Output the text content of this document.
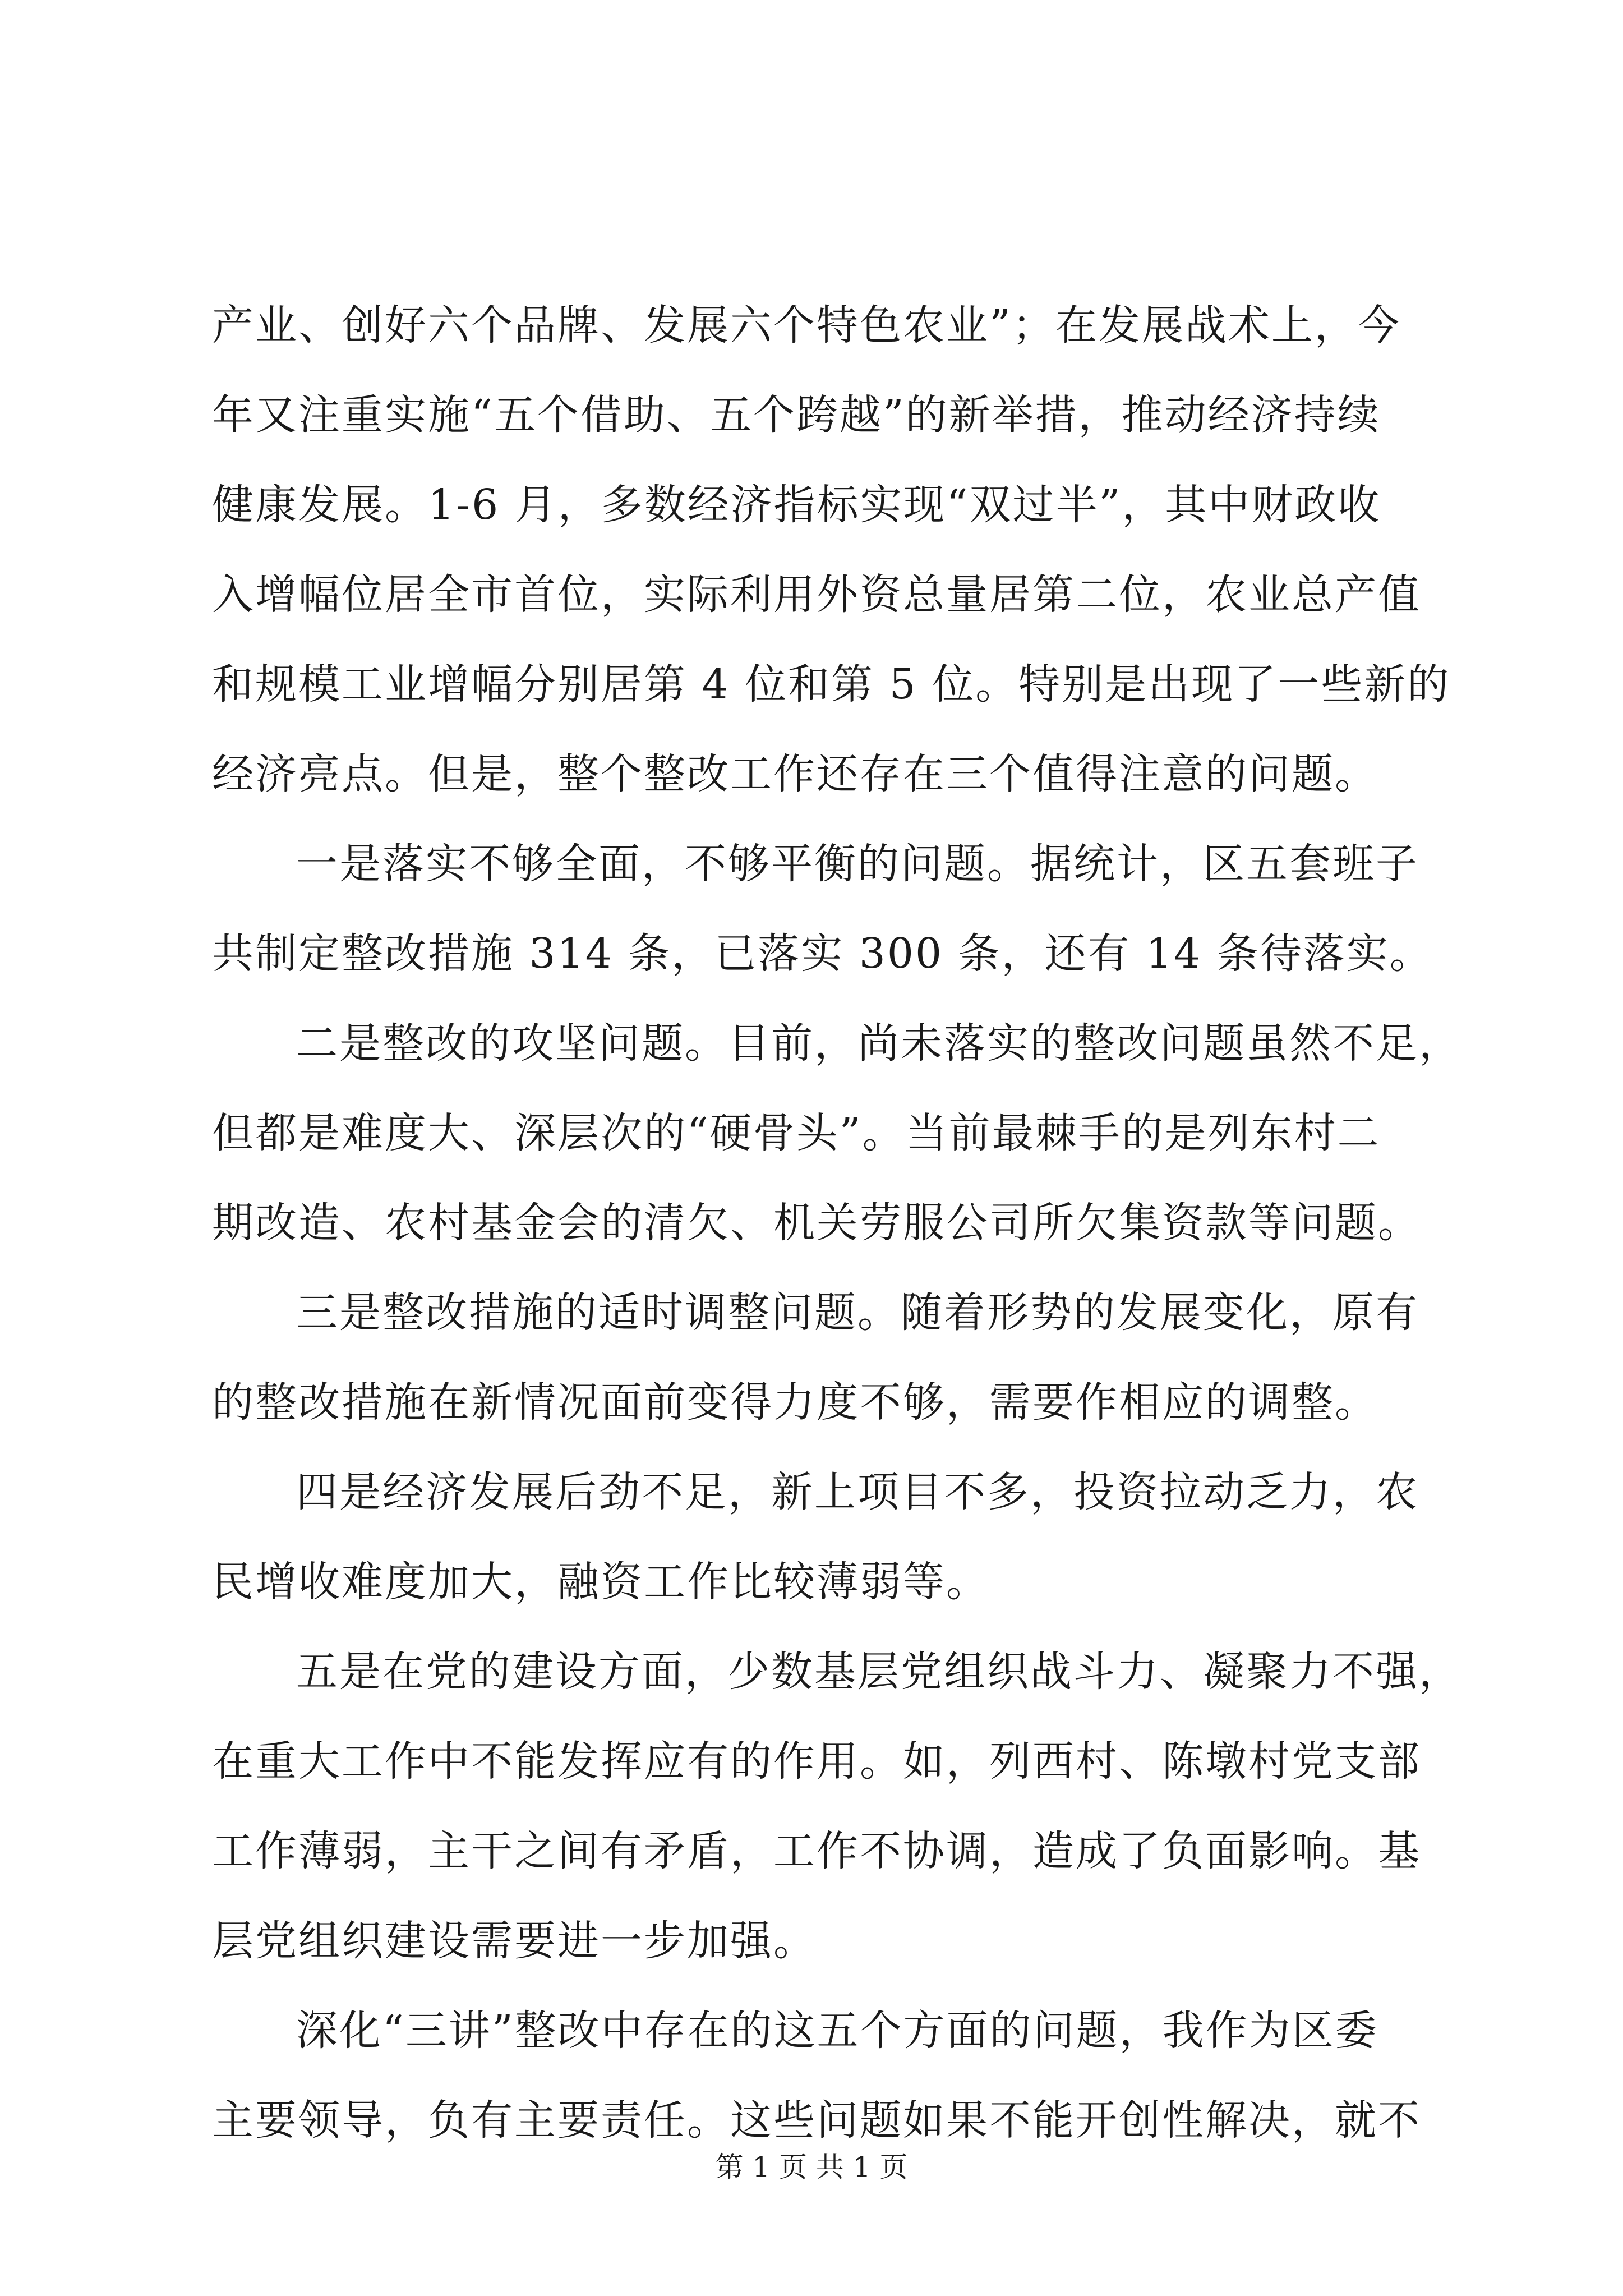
产业、创好六个品牌、发展六个特色农业”；在发展战术上，今
年又注重实施“五个借助、五个跨越”的新举措，推动经济持续
健康发展。1-6 月，多数经济指标实现“双过半”，其中财政收
入增幅位居全市首位，实际利用外资总量居第二位，农业总产值
和规模工业增幅分别居第 4 位和第 5 位。特别是出现了一些新的
经济亮点。但是，整个整改工作还存在三个值得注意的问题。
一是落实不够全面，不够平衡的问题。据统计，区五套班子
共制定整改措施 314 条，已落实 300 条，还有 14 条待落实。
二是整改的攻坚问题。目前，尚未落实的整改问题虽然不足，
但都是难度大、深层次的“硬骨头”。当前最棘手的是列东村二
期改造、农村基金会的清欠、机关劳服公司所欠集资款等问题。
三是整改措施的适时调整问题。随着形势的发展变化，原有
的整改措施在新情况面前变得力度不够，需要作相应的调整。
四是经济发展后劲不足，新上项目不多，投资拉动乏力，农
民增收难度加大，融资工作比较薄弱等。
五是在党的建设方面，少数基层党组织战斗力、凝聚力不强，
在重大工作中不能发挥应有的作用。如，列西村、陈墩村党支部
工作薄弱，主干之间有矛盾，工作不协调，造成了负面影响。基
层党组织建设需要进一步加强。
深化“三讲”整改中存在的这五个方面的问题，我作为区委
主要领导，负有主要责任。这些问题如果不能开创性解决，就不
第 1 页 共 1 页
